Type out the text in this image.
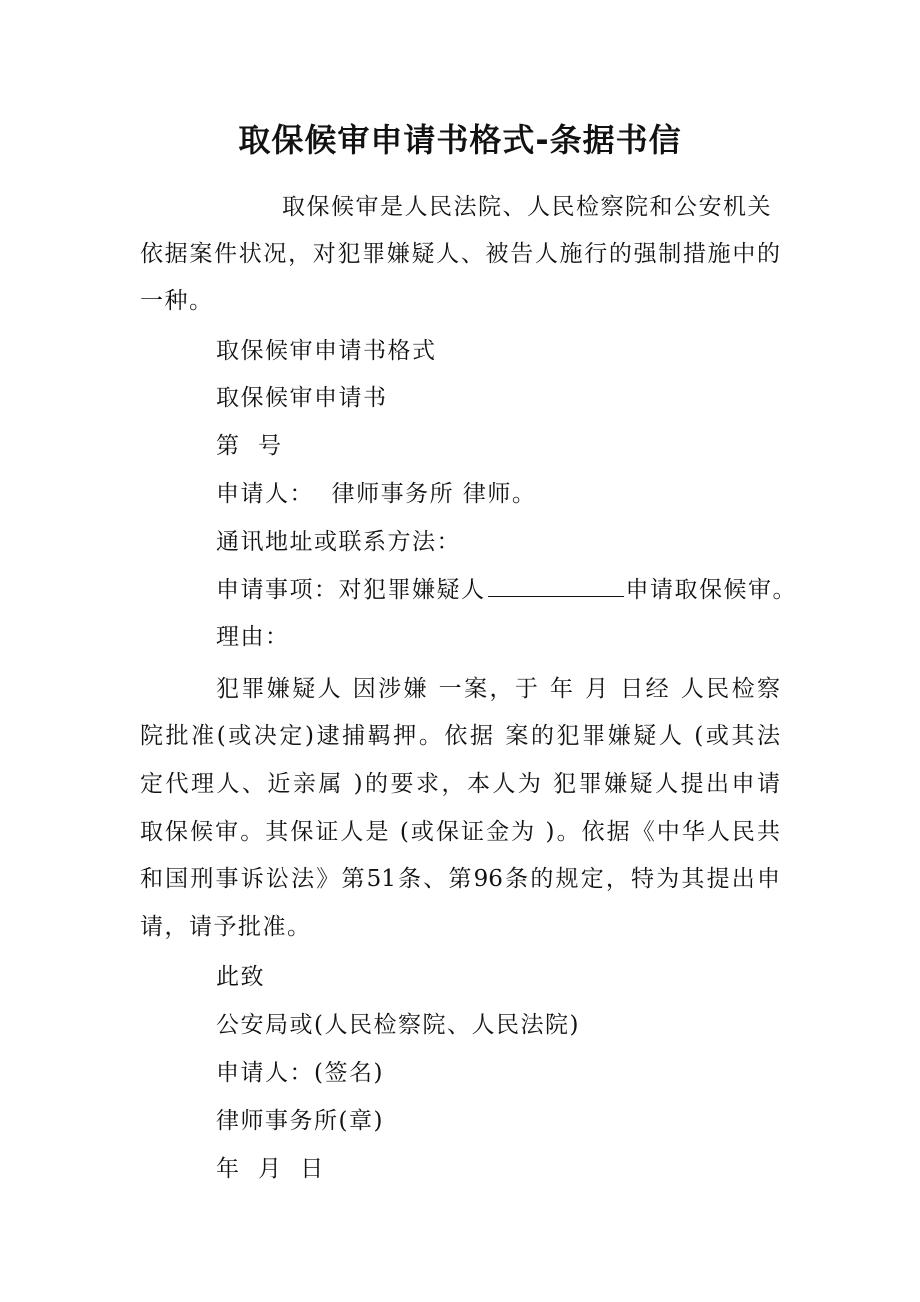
取保候审申请书格式-条据书信
取保候审是人民法院、人民检察院和公安机关
依据案件状况，对犯罪嫌疑人、被告人施行的强制措施中的
一种。
取保候审申请书格式
取保候审申请书
第  号
申请人：  律师事务所 律师。
通讯地址或联系方法：
申请事项：对犯罪嫌疑人	申请取保候审。
理由：
犯罪嫌疑人 因涉嫌 一案，于 年 月 日经 人民检察
院批准(或决定)逮捕羁押。依据 案的犯罪嫌疑人 (或其法
定代理人、近亲属 )的要求，本人为 犯罪嫌疑人提出申请
取保候审。其保证人是 (或保证金为 )。依据《中华人民共
和国刑事诉讼法》第51条、第96条的规定，特为其提出申
请，请予批准。
此致
公安局或(人民检察院、人民法院)
申请人：(签名)
律师事务所(章)
年  月  日
